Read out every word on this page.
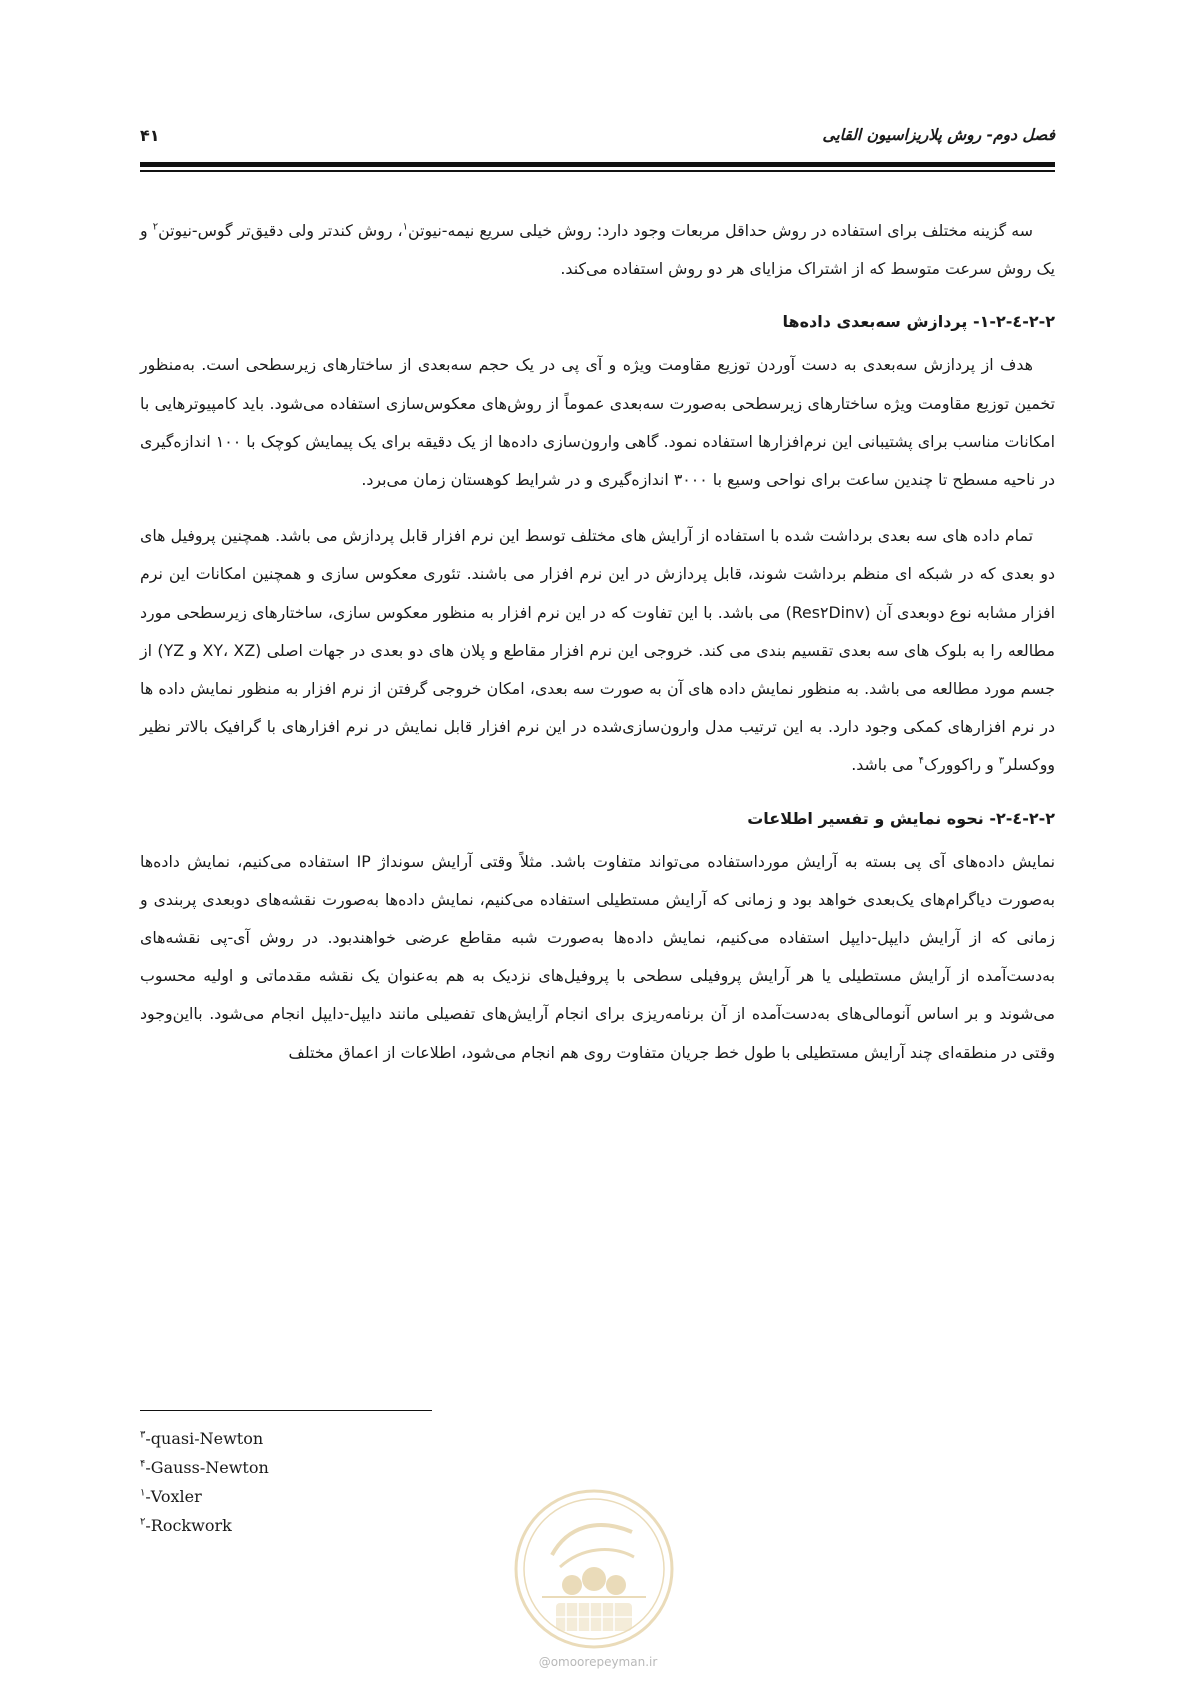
فصل دوم- روش پلاریزاسیون القایی
۴۱

سه گزینه مختلف برای استفاده در روش حداقل مربعات وجود دارد: روش خیلی سریع نیمه-نیوتن$^۱$، روش کندتر ولی دقیق‌تر گوس-نیوتن$^۲$ و یک روش سرعت متوسط که از اشتراک مزایای هر دو روش استفاده می‌کند.

۲-۲-٤-۱-۲- پردازش سه‌بعدی داده‌ها

هدف از پردازش سه‌بعدی به دست آوردن توزیع مقاومت ویژه و آی پی در یک حجم سه‌بعدی از ساختارهای زیرسطحی است. به‌منظور تخمین توزیع مقاومت ویژه ساختارهای زیرسطحی به‌صورت سه‌بعدی عموماً از روش‌های معکوس‌سازی استفاده می‌شود. باید کامپیوترهایی با امکانات مناسب برای پشتیبانی این نرم‌افزارها استفاده نمود. گاهی وارون‌سازی داده‌ها از یک دقیقه برای یک پیمایش کوچک با ۱۰۰ اندازه‌گیری در ناحیه مسطح تا چندین ساعت برای نواحی وسیع با ۳۰۰۰ اندازه‌گیری و در شرایط کوهستان زمان می‌برد.

تمام داده های سه بعدی برداشت شده با استفاده از آرایش های مختلف توسط این نرم افزار قابل پردازش می باشد. همچنین پروفیل های دو بعدی که در شبکه ای منظم برداشت شوند، قابل پردازش در این نرم افزار می باشند. تئوری معکوس سازی و همچنین امکانات این نرم افزار مشابه نوع دوبعدی آن (Res۲Dinv) می باشد. با این تفاوت که در این نرم افزار به منظور معکوس سازی، ساختارهای زیرسطحی مورد مطالعه را به بلوک های سه بعدی تقسیم بندی می کند. خروجی این نرم افزار مقاطع و پلان های دو بعدی در جهات اصلی (XY، XZ و YZ) از جسم مورد مطالعه می باشد. به منظور نمایش داده های آن به صورت سه بعدی، امکان خروجی گرفتن از نرم افزار به منظور نمایش داده ها در نرم افزارهای کمکی وجود دارد. به این ترتیب مدل وارون‌سازی‌شده در این نرم افزار قابل نمایش در نرم افزارهای با گرافیک بالاتر نظیر ووکسلر$^۳$ و راکوورک$^۴$ می باشد.

۲-۲-٤-۲- نحوه نمایش و تفسیر اطلاعات

نمایش داده‌های آی پی بسته به آرایش مورداستفاده می‌تواند متفاوت باشد. مثلاً وقتی آرایش سونداژ IP استفاده می‌کنیم، نمایش داده‌ها به‌صورت دیاگرام‌های یک‌بعدی خواهد بود و زمانی که آرایش مستطیلی استفاده می‌کنیم، نمایش داده‌ها به‌صورت نقشه‌های دوبعدی پربندی و زمانی که از آرایش دایپل-دایپل استفاده می‌کنیم، نمایش داده‌ها به‌صورت شبه مقاطع عرضی خواهندبود. در روش آی-پی نقشه‌های به‌دست‌آمده از آرایش مستطیلی یا هر آرایش پروفیلی سطحی با پروفیل‌های نزدیک به هم به‌عنوان یک نقشه مقدماتی و اولیه محسوب می‌شوند و بر اساس آنومالی‌های به‌دست‌آمده از آن برنامه‌ریزی برای انجام آرایش‌های تفصیلی مانند دایپل-دایپل انجام می‌شود. بااین‌وجود وقتی در منطقه‌ای چند آرایش مستطیلی با طول خط جریان متفاوت روی هم انجام می‌شود، اطلاعات از اعماق مختلف

$^۳$-quasi-Newton
$^۴$-Gauss-Newton
$^۱$-Voxler
$^۲$-Rockwork
@omoorepeyman.ir
